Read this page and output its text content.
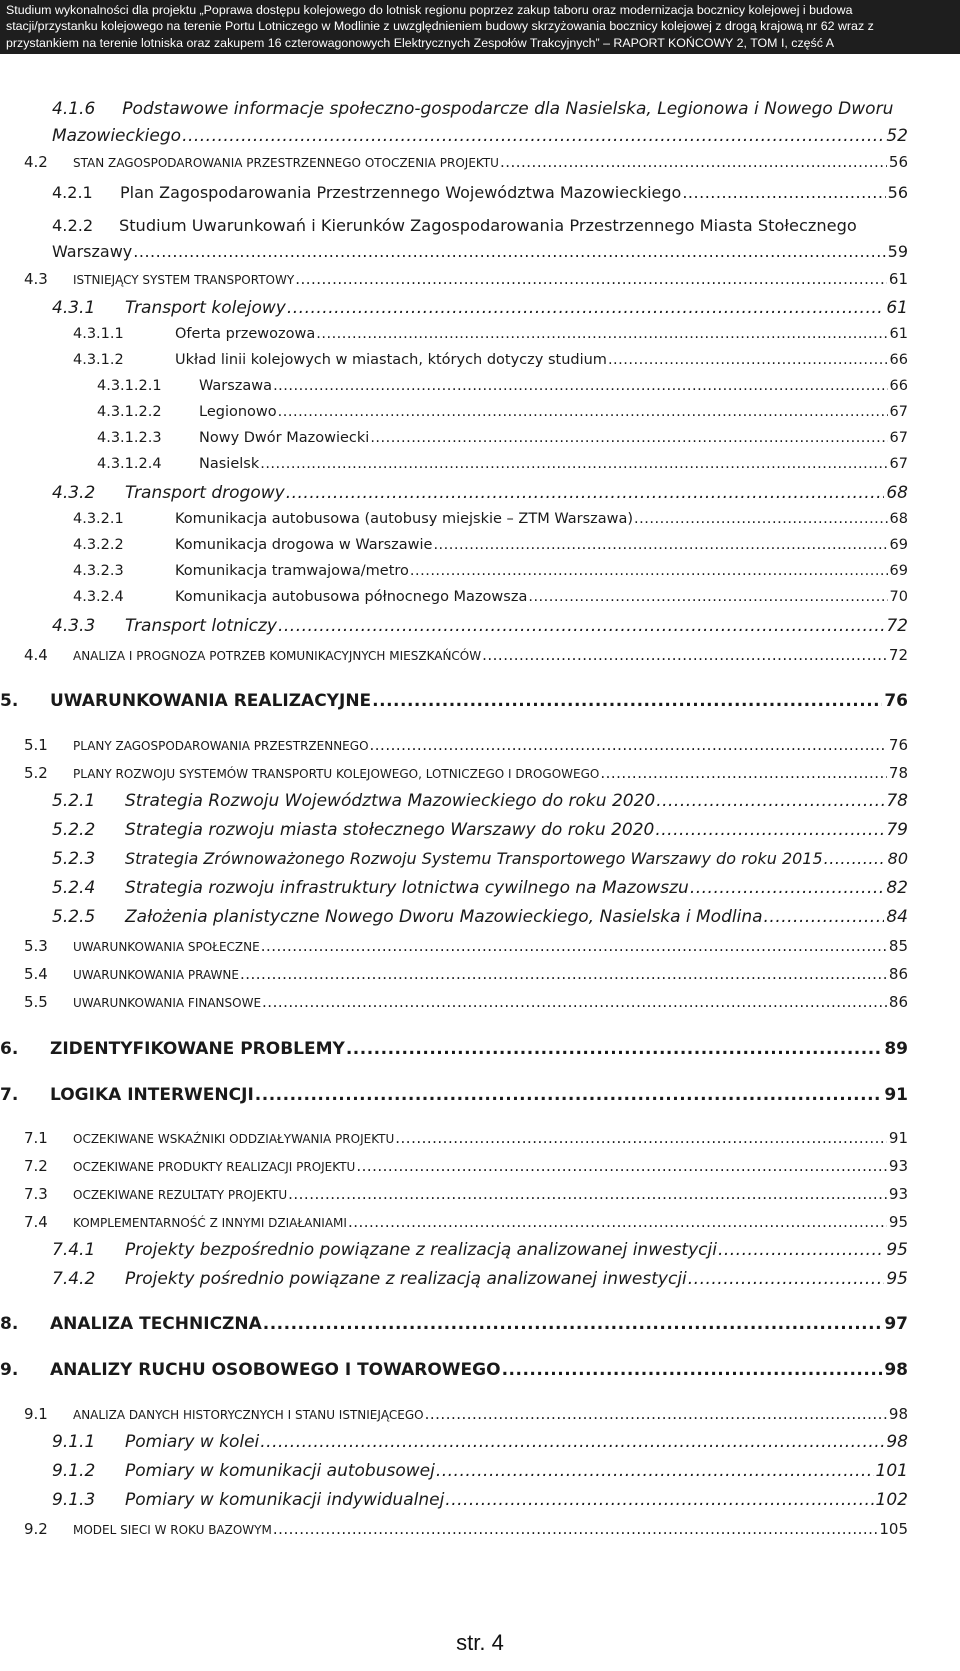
Studium wykonalności dla projektu „Poprawa dostępu kolejowego do lotnisk regionu poprzez zakup taboru oraz modernizacja bocznicy kolejowej i budowa
stacji/przystanku kolejowego na terenie Portu Lotniczego w Modlinie z uwzględnieniem budowy skrzyżowania bocznicy kolejowej z drogą krajową nr 62 wraz z
przystankiem na terenie lotniska oraz zakupem 16 czterowagonowych Elektrycznych Zespołów Trakcyjnych” – RAPORT KOŃCOWY 2, TOM I, część A
4.1.6 Podstawowe informacje społeczno-gospodarcze dla Nasielska, Legionowa i Nowego Dworu
Mazowieckiego .....	52
4.2 STAN ZAGOSPODAROWANIA PRZESTRZENNEGO OTOCZENIA PROJEKTU .....	56
4.2.1 Plan Zagospodarowania Przestrzennego Województwa Mazowieckiego .....	56
4.2.2 Studium Uwarunkowań i Kierunków Zagospodarowania Przestrzennego Miasta Stołecznego
Warszawy .....	59
4.3 ISTNIEJĄCY SYSTEM TRANSPORTOWY .....	61
4.3.1 Transport kolejowy .....	61
4.3.1.1	Oferta przewozowa .....	61
4.3.1.2	Układ linii kolejowych w miastach, których dotyczy studium .....	66
4.3.1.2.1	Warszawa .....	66
4.3.1.2.2	Legionowo .....	67
4.3.1.2.3	Nowy Dwór Mazowiecki .....	67
4.3.1.2.4	Nasielsk .....	67
4.3.2 Transport drogowy .....	68
4.3.2.1	Komunikacja autobusowa (autobusy miejskie – ZTM Warszawa) .....	68
4.3.2.2	Komunikacja drogowa w Warszawie .....	69
4.3.2.3	Komunikacja tramwajowa/metro .....	69
4.3.2.4	Komunikacja autobusowa północnego Mazowsza .....	70
4.3.3 Transport lotniczy .....	72
4.4 ANALIZA I PROGNOZA POTRZEB KOMUNIKACYJNYCH MIESZKAŃCÓW .....	72
5. UWARUNKOWANIA REALIZACYJNE .....	76
5.1 PLANY ZAGOSPODAROWANIA PRZESTRZENNEGO .....	76
5.2 PLANY ROZWOJU SYSTEMÓW TRANSPORTU KOLEJOWEGO, LOTNICZEGO I DROGOWEGO .....	78
5.2.1 Strategia Rozwoju Województwa Mazowieckiego do roku 2020 .....	78
5.2.2 Strategia rozwoju miasta stołecznego Warszawy do roku 2020 .....	79
5.2.3 Strategia Zrównoważonego Rozwoju Systemu Transportowego Warszawy do roku 2015 .....	80
5.2.4 Strategia rozwoju infrastruktury lotnictwa cywilnego na Mazowszu .....	82
5.2.5 Założenia planistyczne Nowego Dworu Mazowieckiego, Nasielska i Modlina .....	84
5.3 UWARUNKOWANIA SPOŁECZNE .....	85
5.4 UWARUNKOWANIA PRAWNE .....	86
5.5 UWARUNKOWANIA FINANSOWE .....	86
6. ZIDENTYFIKOWANE PROBLEMY .....	89
7. LOGIKA INTERWENCJI .....	91
7.1 OCZEKIWANE WSKAŹNIKI ODDZIAŁYWANIA PROJEKTU .....	91
7.2 OCZEKIWANE PRODUKTY REALIZACJI PROJEKTU .....	93
7.3 OCZEKIWANE REZULTATY PROJEKTU .....	93
7.4 KOMPLEMENTARNOŚĆ Z INNYMI DZIAŁANIAMI .....	95
7.4.1 Projekty bezpośrednio powiązane z realizacją analizowanej inwestycji .....	95
7.4.2 Projekty pośrednio powiązane z realizacją analizowanej inwestycji .....	95
8. ANALIZA TECHNICZNA .....	97
9. ANALIZY RUCHU OSOBOWEGO I TOWAROWEGO .....	98
9.1 ANALIZA DANYCH HISTORYCZNYCH I STANU ISTNIEJĄCEGO .....	98
9.1.1 Pomiary w kolei .....	98
9.1.2 Pomiary w komunikacji autobusowej .....	101
9.1.3 Pomiary w komunikacji indywidualnej .....	102
9.2 MODEL SIECI W ROKU BAZOWYM .....	105
str. 4
